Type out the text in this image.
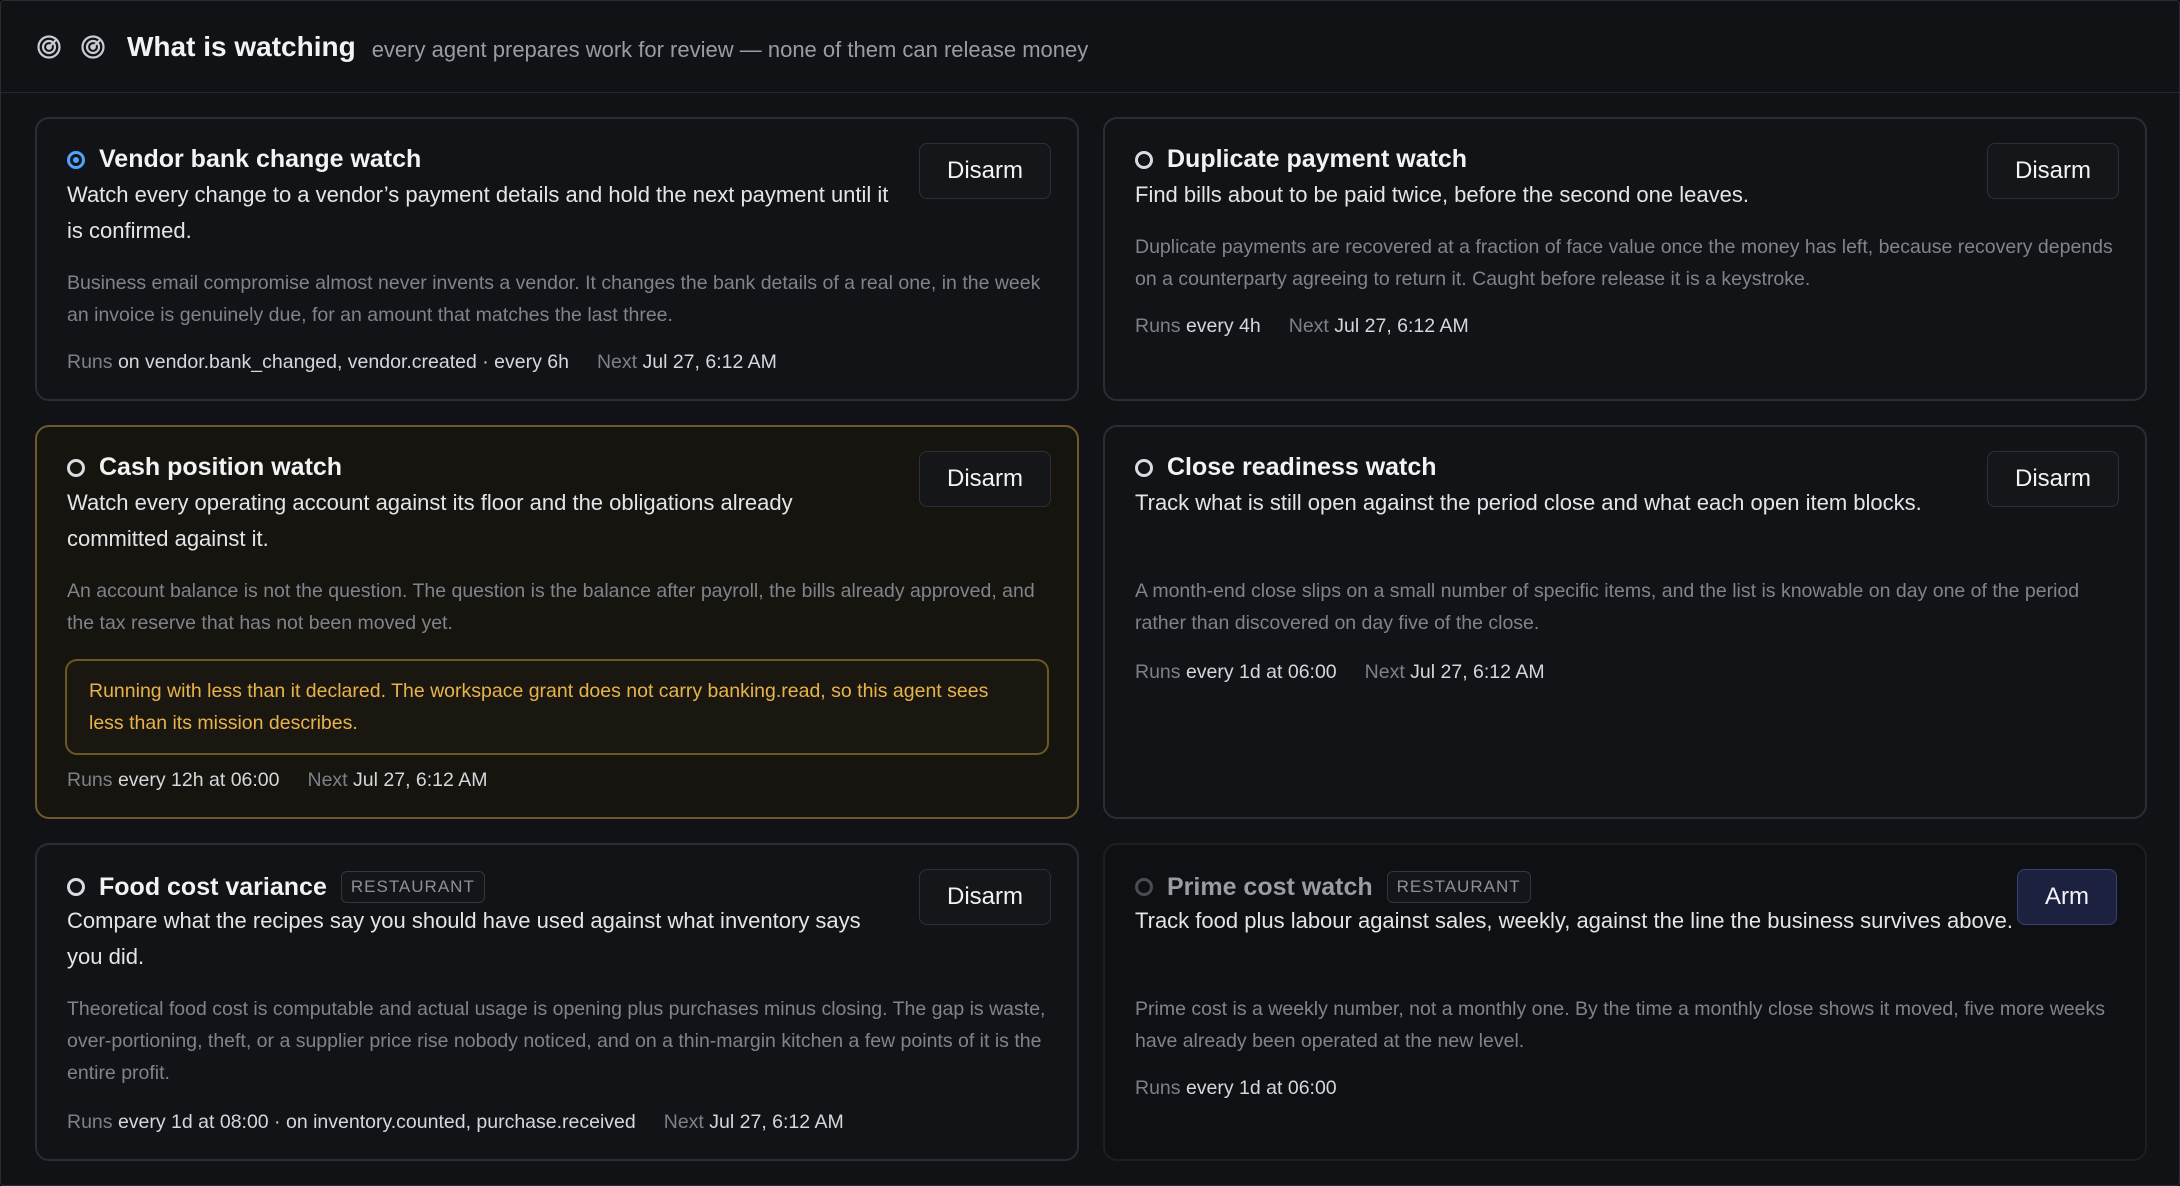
What is watching every agent prepares work for review — none of them can release money
Vendor bank change watch
Watch every change to a vendor’s payment details and hold the next payment until it is confirmed.
Business email compromise almost never invents a vendor. It changes the bank details of a real one, in the week an invoice is genuinely due, for an amount that matches the last three.
Runs on vendor.bank_changed, vendor.created · every 6h Next Jul 27, 6:12 AM
Disarm	Duplicate payment watch
Find bills about to be paid twice, before the second one leaves.
Duplicate payments are recovered at a fraction of face value once the money has left, because recovery depends on a counterparty agreeing to return it. Caught before release it is a keystroke.
Runs every 4h Next Jul 27, 6:12 AM
Disarm
Cash position watch
Watch every operating account against its floor and the obligations already committed against it.
An account balance is not the question. The question is the balance after payroll, the bills already approved, and the tax reserve that has not been moved yet.
Running with less than it declared. The workspace grant does not carry banking.read, so this agent sees less than its mission describes.
Runs every 12h at 06:00 Next Jul 27, 6:12 AM
Disarm	Close readiness watch
Track what is still open against the period close and what each open item blocks.
A month-end close slips on a small number of specific items, and the list is knowable on day one of the period rather than discovered on day five of the close.
Runs every 1d at 06:00 Next Jul 27, 6:12 AM
Disarm
Food cost variance	RESTAURANT
Compare what the recipes say you should have used against what inventory says you did.
Theoretical food cost is computable and actual usage is opening plus purchases minus closing. The gap is waste, over-portioning, theft, or a supplier price rise nobody noticed, and on a thin-margin kitchen a few points of it is the entire profit.
Runs every 1d at 08:00 · on inventory.counted, purchase.received Next Jul 27, 6:12 AM
Disarm	Prime cost watch	RESTAURANT
Track food plus labour against sales, weekly, against the line the business survives above.
Prime cost is a weekly number, not a monthly one. By the time a monthly close shows it moved, five more weeks have already been operated at the new level.
Runs every 1d at 06:00
Arm
